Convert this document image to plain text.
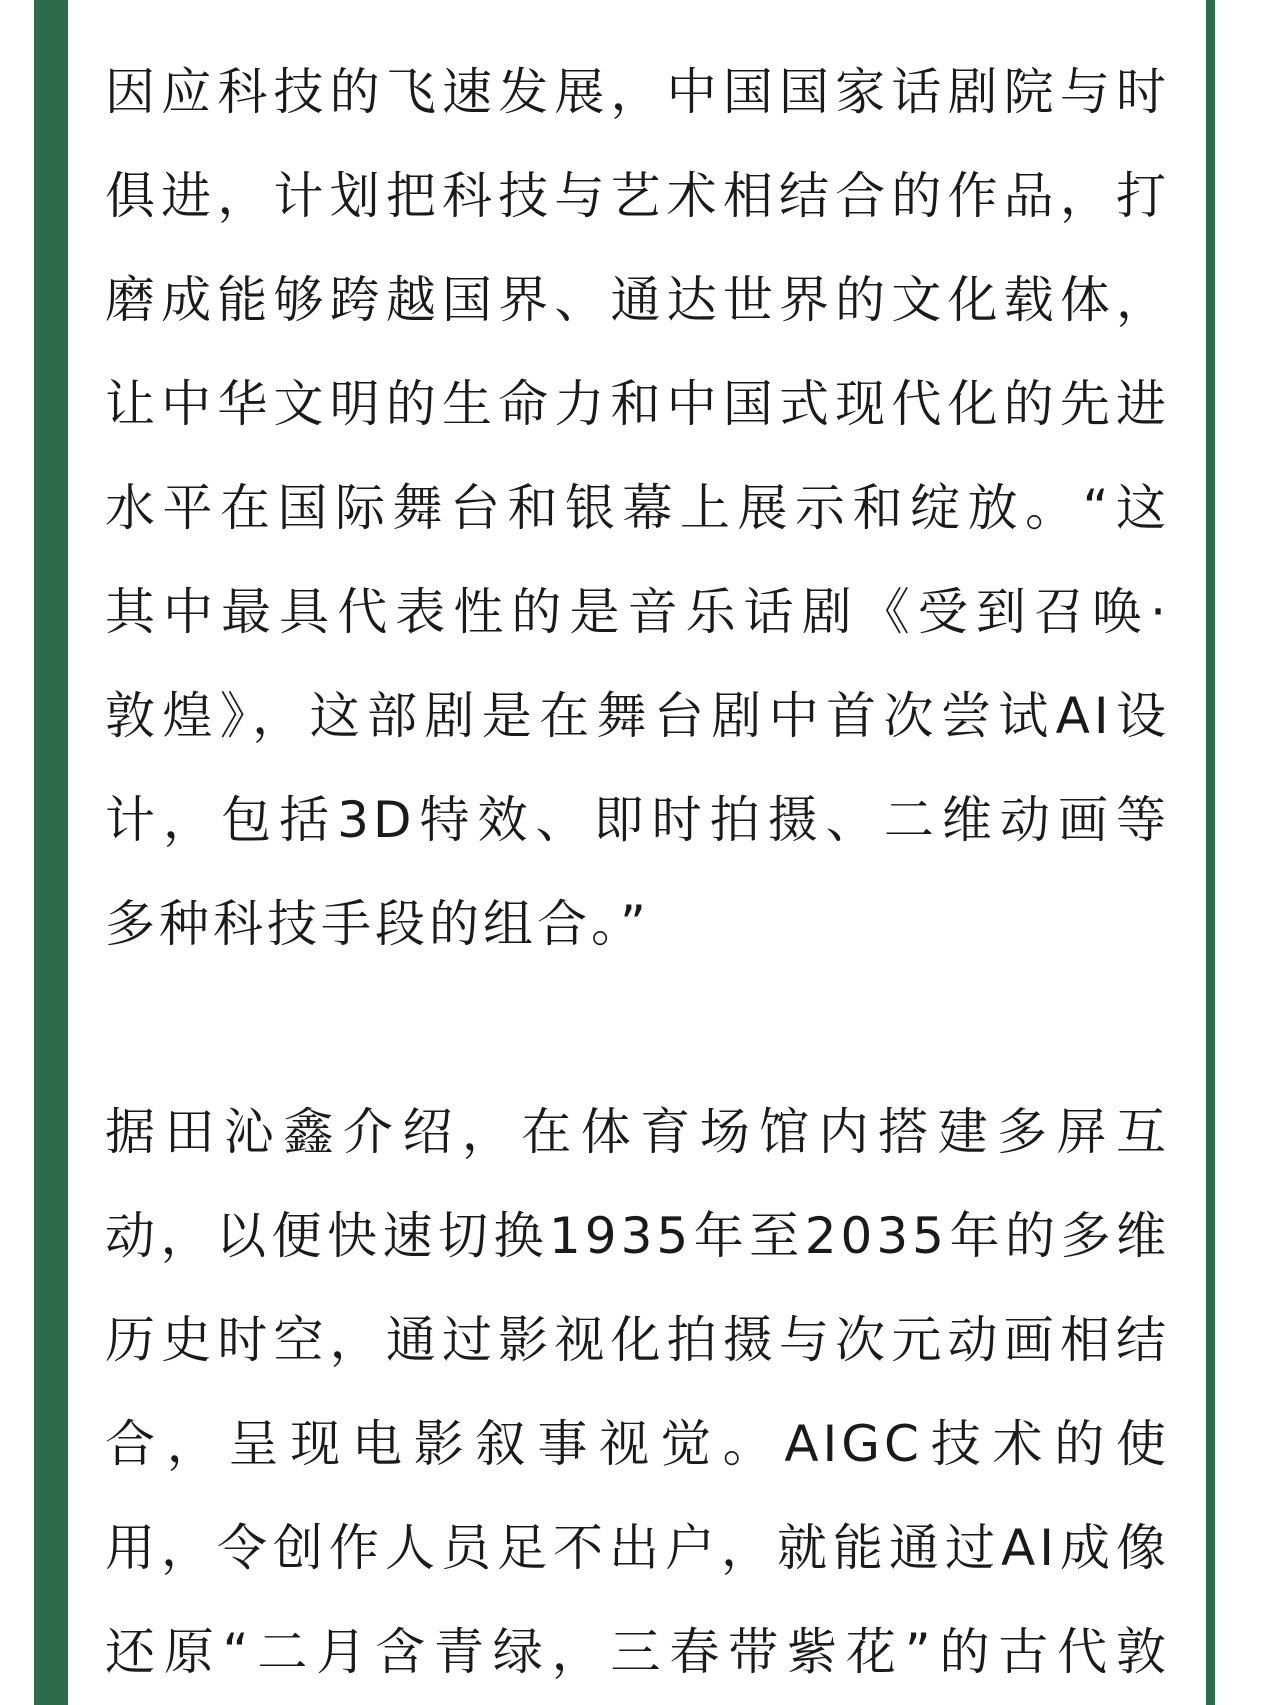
因应科技的飞速发展，中国国家话剧院与时
俱进，计划把科技与艺术相结合的作品，打
磨成能够跨越国界、通达世界的文化载体，
让中华文明的生命力和中国式现代化的先进
水平在国际舞台和银幕上展示和绽放。“这
其中最具代表性的是音乐话剧《受到召唤·
敦煌》，这部剧是在舞台剧中首次尝试AI设
计，包括3D特效、即时拍摄、二维动画等
多种科技手段的组合。”
据田沁鑫介绍，在体育场馆内搭建多屏互
动，以便快速切换1935年至2035年的多维
历史时空，通过影视化拍摄与次元动画相结
合，呈现电影叙事视觉。AIGC技术的使
用，令创作人员足不出户，就能通过AI成像
还原“二月含青绿，三春带紫花”的古代敦
